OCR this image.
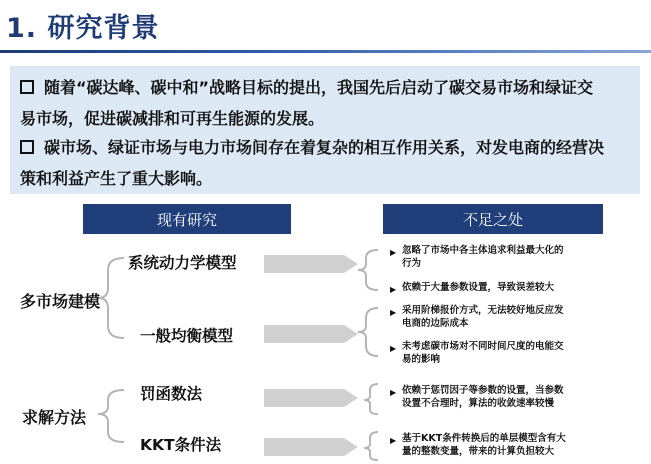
1. 研究背景
随着“碳达峰、碳中和”战略目标的提出，我国先后启动了碳交易市场和绿证交
易市场，促进碳减排和可再生能源的发展。
碳市场、绿证市场与电力市场间存在着复杂的相互作用关系，对发电商的经营决
策和利益产生了重大影响。
现有研究	不足之处
多市场建模
求解方法
系统动力学模型
一般均衡模型
罚函数法
KKT条件法
▶ 忽略了市场中各主体追求利益最大化的
行为
▶ 依赖于大量参数设置，导致误差较大
▶ 采用阶梯报价方式，无法较好地反应发
电商的边际成本
▶ 未考虑碳市场对不同时间尺度的电能交
易的影响
▶ 依赖于惩罚因子等参数的设置，当参数
设置不合理时，算法的收敛速率较慢
▶ 基于KKT条件转换后的单层模型含有大
量的整数变量，带来的计算负担较大
